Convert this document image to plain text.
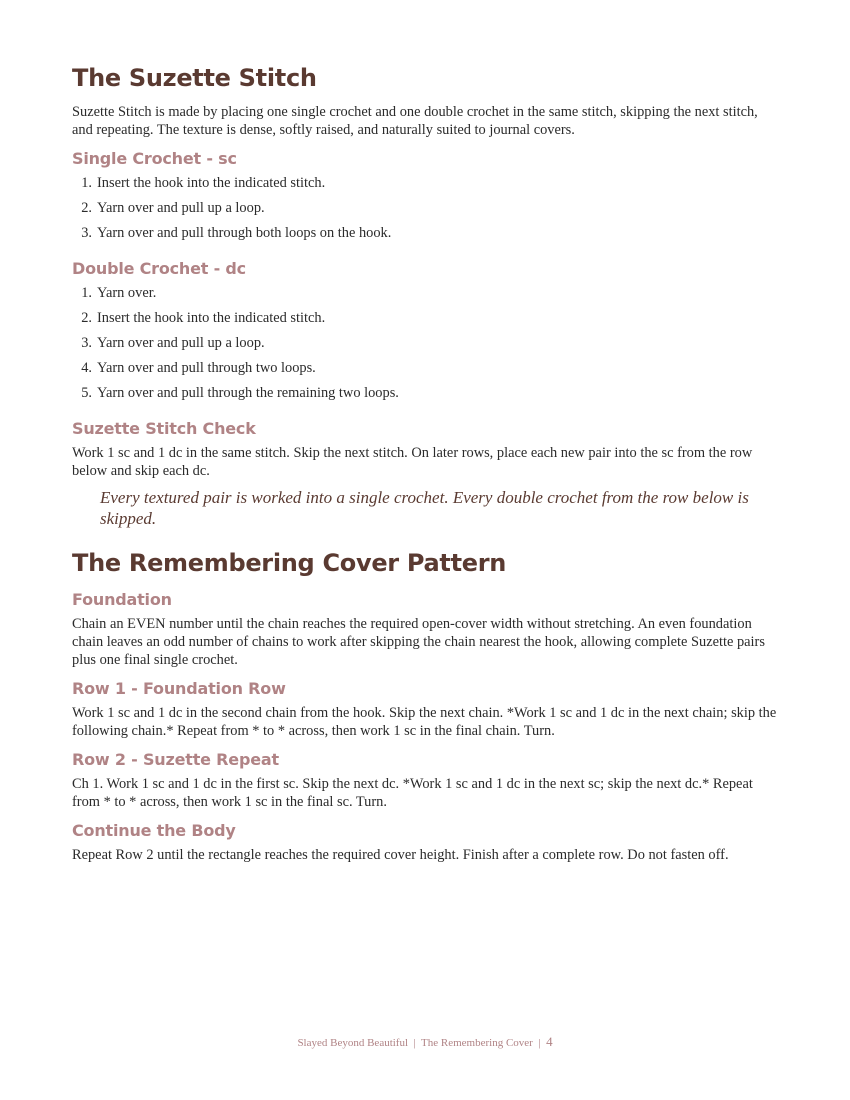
The Suzette Stitch

Suzette Stitch is made by placing one single crochet and one double crochet in the same stitch, skipping the next stitch, and repeating. The texture is dense, softly raised, and naturally suited to journal covers.

Single Crochet - sc
1. Insert the hook into the indicated stitch.
2. Yarn over and pull up a loop.
3. Yarn over and pull through both loops on the hook.
Double Crochet - dc
1. Yarn over.
2. Insert the hook into the indicated stitch.
3. Yarn over and pull up a loop.
4. Yarn over and pull through two loops.
5. Yarn over and pull through the remaining two loops.
Suzette Stitch Check

Work 1 sc and 1 dc in the same stitch. Skip the next stitch. On later rows, place each new pair into the sc from the row below and skip each dc.

Every textured pair is worked into a single crochet. Every double crochet from the row below is skipped.
The Remembering Cover Pattern
Foundation

Chain an EVEN number until the chain reaches the required open-cover width without stretching. An even foundation chain leaves an odd number of chains to work after skipping the chain nearest the hook, allowing complete Suzette pairs plus one final single crochet.

Row 1 - Foundation Row

Work 1 sc and 1 dc in the second chain from the hook. Skip the next chain. *Work 1 sc and 1 dc in the next chain; skip the following chain.* Repeat from * to * across, then work 1 sc in the final chain. Turn.

Row 2 - Suzette Repeat

Ch 1. Work 1 sc and 1 dc in the first sc. Skip the next dc. *Work 1 sc and 1 dc in the next sc; skip the next dc.* Repeat from * to * across, then work 1 sc in the final sc. Turn.

Continue the Body

Repeat Row 2 until the rectangle reaches the required cover height. Finish after a complete row. Do not fasten off.

Slayed Beyond Beautiful | The Remembering Cover | 4
